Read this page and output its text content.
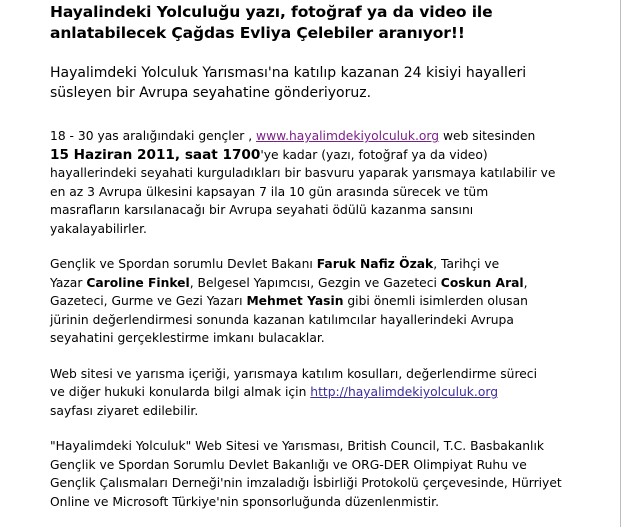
Hayalindeki Yolculuğu yazı, fotoğraf ya da video ile
anlatabilecek Çağdas Evliya Çelebiler aranıyor!!
Hayalimdeki Yolculuk Yarısması'na katılıp kazanan 24 kisiyi hayalleri
süsleyen bir Avrupa seyahatine gönderiyoruz.
18 - 30 yas aralığındaki gençler , www.hayalimdekiyolculuk.org web sitesinden
15 Haziran 2011, saat 1700'ye kadar (yazı, fotoğraf ya da video)
hayallerindeki seyahati kurguladıkları bir basvuru yaparak yarısmaya katılabilir ve
en az 3 Avrupa ülkesini kapsayan 7 ila 10 gün arasında sürecek ve tüm
masrafların karsılanacağı bir Avrupa seyahati ödülü kazanma sansını
yakalayabilirler.
Gençlik ve Spordan sorumlu Devlet Bakanı Faruk Nafiz Özak, Tarihçi ve
Yazar Caroline Finkel, Belgesel Yapımcısı, Gezgin ve Gazeteci Coskun Aral,
Gazeteci, Gurme ve Gezi Yazarı Mehmet Yasin gibi önemli isimlerden olusan
jürinin değerlendirmesi sonunda kazanan katılımcılar hayallerindeki Avrupa
seyahatini gerçeklestirme imkanı bulacaklar.
Web sitesi ve yarısma içeriği, yarısmaya katılım kosulları, değerlendirme süreci
ve diğer hukuki konularda bilgi almak için http://hayalimdekiyolculuk.org
sayfası ziyaret edilebilir.
"Hayalimdeki Yolculuk" Web Sitesi ve Yarısması, British Council, T.C. Basbakanlık
Gençlik ve Spordan Sorumlu Devlet Bakanlığı ve ORG-DER Olimpiyat Ruhu ve
Gençlik Çalısmaları Derneği'nin imzaladığı İsbirliği Protokolü çerçevesinde, Hürriyet
Online ve Microsoft Türkiye'nin sponsorluğunda düzenlenmistir.
